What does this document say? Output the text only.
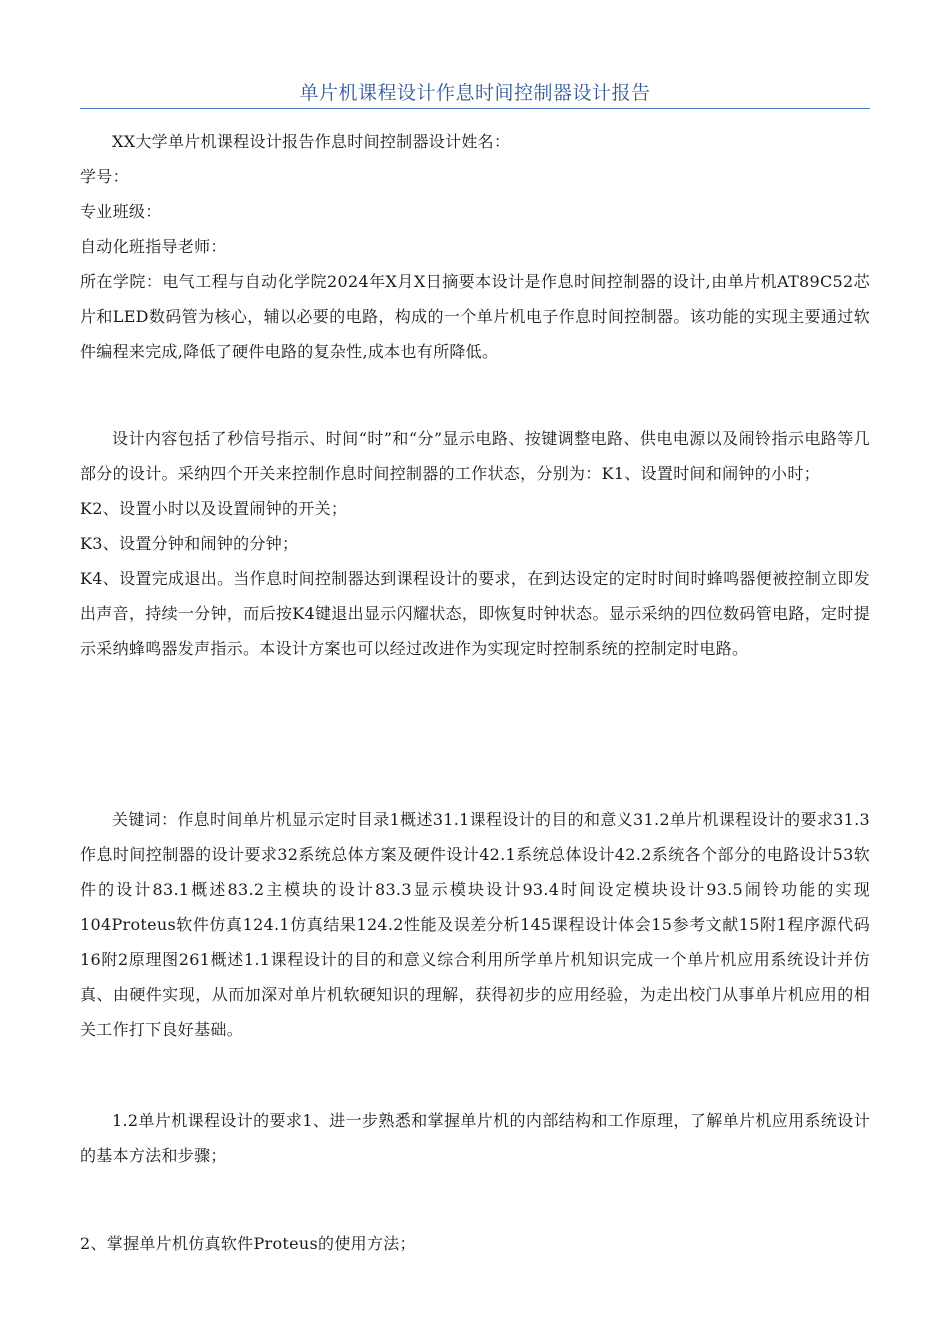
单片机课程设计作息时间控制器设计报告

XX大学单片机课程设计报告作息时间控制器设计姓名：

学号：

专业班级：

自动化班指导老师：

所在学院：电气工程与自动化学院2024年X月X日摘要本设计是作息时间控制器的设计,由单片机AT89C52芯片和LED数码管为核心，辅以必要的电路，构成的一个单片机电子作息时间控制器。该功能的实现主要通过软件编程来完成,降低了硬件电路的复杂性,成本也有所降低。

设计内容包括了秒信号指示、时间“时”和“分”显示电路、按键调整电路、供电电源以及闹铃指示电路等几部分的设计。采纳四个开关来控制作息时间控制器的工作状态，分别为：K1、设置时间和闹钟的小时；

K2、设置小时以及设置闹钟的开关；

K3、设置分钟和闹钟的分钟；

K4、设置完成退出。当作息时间控制器达到课程设计的要求，在到达设定的定时时间时蜂鸣器便被控制立即发出声音，持续一分钟，而后按K4键退出显示闪耀状态，即恢复时钟状态。显示采纳的四位数码管电路，定时提示采纳蜂鸣器发声指示。本设计方案也可以经过改进作为实现定时控制系统的控制定时电路。

关键词：作息时间单片机显示定时目录1概述31.1课程设计的目的和意义31.2单片机课程设计的要求31.3作息时间控制器的设计要求32系统总体方案及硬件设计42.1系统总体设计42.2系统各个部分的电路设计53软件的设计83.1概述83.2主模块的设计83.3显示模块设计93.4时间设定模块设计93.5闹铃功能的实现104Proteus软件仿真124.1仿真结果124.2性能及误差分析145课程设计体会15参考文献15附1程序源代码16附2原理图261概述1.1课程设计的目的和意义综合利用所学单片机知识完成一个单片机应用系统设计并仿真、由硬件实现，从而加深对单片机软硬知识的理解，获得初步的应用经验，为走出校门从事单片机应用的相关工作打下良好基础。

1.2单片机课程设计的要求1、进一步熟悉和掌握单片机的内部结构和工作原理，了解单片机应用系统设计的基本方法和步骤；

2、掌握单片机仿真软件Proteus的使用方法；
